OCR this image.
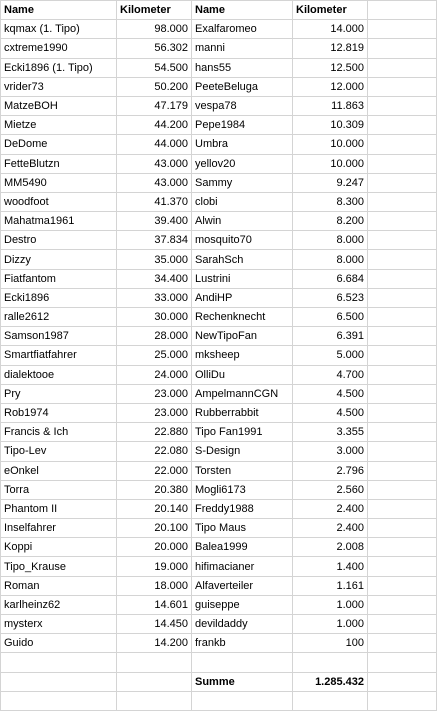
Name	Kilometer	Name	Kilometer	
kqmax (1. Tipo)	98.000	Exalfaromeo	14.000	
cxtreme1990	56.302	manni	12.819	
Ecki1896 (1. Tipo)	54.500	hans55	12.500	
vrider73	50.200	PeeteBeluga	12.000	
MatzeBOH	47.179	vespa78	11.863	
Mietze	44.200	Pepe1984	10.309	
DeDome	44.000	Umbra	10.000	
FetteBlutzn	43.000	yellov20	10.000	
MM5490	43.000	Sammy	9.247	
woodfoot	41.370	clobi	8.300	
Mahatma1961	39.400	Alwin	8.200	
Destro	37.834	mosquito70	8.000	
Dizzy	35.000	SarahSch	8.000	
Fiatfantom	34.400	Lustrini	6.684	
Ecki1896	33.000	AndiHP	6.523	
ralle2612	30.000	Rechenknecht	6.500	
Samson1987	28.000	NewTipoFan	6.391	
Smartfiatfahrer	25.000	mksheep	5.000	
dialektooe	24.000	OlliDu	4.700	
Pry	23.000	AmpelmannCGN	4.500	
Rob1974	23.000	Rubberrabbit	4.500	
Francis & Ich	22.880	Tipo Fan1991	3.355	
Tipo-Lev	22.080	S-Design	3.000	
eOnkel	22.000	Torsten	2.796	
Torra	20.380	Mogli6173	2.560	
Phantom II	20.140	Freddy1988	2.400	
Inselfahrer	20.100	Tipo Maus	2.400	
Koppi	20.000	Balea1999	2.008	
Tipo_Krause	19.000	hifimacianer	1.400	
Roman	18.000	Alfaverteiler	1.161	
karlheinz62	14.601	guiseppe	1.000	
mysterx	14.450	devildaddy	1.000	
Guido	14.200	frankb	100	

		Summe	1.285.432	
